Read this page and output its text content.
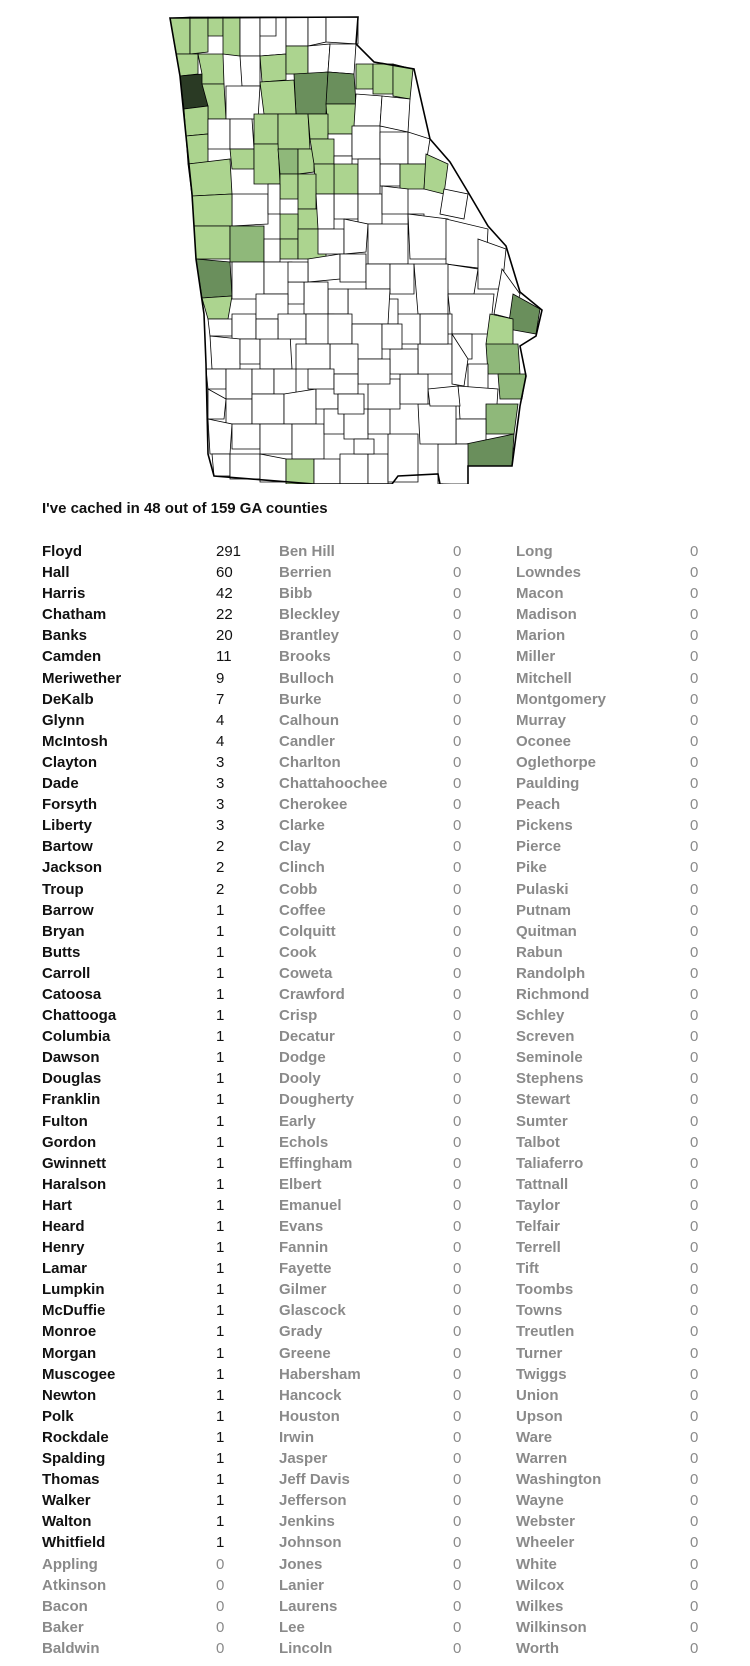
I've cached in 48 out of 159 GA counties
Floyd	291
Hall	60
Harris	42
Chatham	22
Banks	20
Camden	11
Meriwether	9
DeKalb	7
Glynn	4
McIntosh	4
Clayton	3
Dade	3
Forsyth	3
Liberty	3
Bartow	2
Jackson	2
Troup	2
Barrow	1
Bryan	1
Butts	1
Carroll	1
Catoosa	1
Chattooga	1
Columbia	1
Dawson	1
Douglas	1
Franklin	1
Fulton	1
Gordon	1
Gwinnett	1
Haralson	1
Hart	1
Heard	1
Henry	1
Lamar	1
Lumpkin	1
McDuffie	1
Monroe	1
Morgan	1
Muscogee	1
Newton	1
Polk	1
Rockdale	1
Spalding	1
Thomas	1
Walker	1
Walton	1
Whitfield	1
Appling	0
Atkinson	0
Bacon	0
Baker	0
Baldwin	0
Ben Hill	0
Berrien	0
Bibb	0
Bleckley	0
Brantley	0
Brooks	0
Bulloch	0
Burke	0
Calhoun	0
Candler	0
Charlton	0
Chattahoochee	0
Cherokee	0
Clarke	0
Clay	0
Clinch	0
Cobb	0
Coffee	0
Colquitt	0
Cook	0
Coweta	0
Crawford	0
Crisp	0
Decatur	0
Dodge	0
Dooly	0
Dougherty	0
Early	0
Echols	0
Effingham	0
Elbert	0
Emanuel	0
Evans	0
Fannin	0
Fayette	0
Gilmer	0
Glascock	0
Grady	0
Greene	0
Habersham	0
Hancock	0
Houston	0
Irwin	0
Jasper	0
Jeff Davis	0
Jefferson	0
Jenkins	0
Johnson	0
Jones	0
Lanier	0
Laurens	0
Lee	0
Lincoln	0
Long	0
Lowndes	0
Macon	0
Madison	0
Marion	0
Miller	0
Mitchell	0
Montgomery	0
Murray	0
Oconee	0
Oglethorpe	0
Paulding	0
Peach	0
Pickens	0
Pierce	0
Pike	0
Pulaski	0
Putnam	0
Quitman	0
Rabun	0
Randolph	0
Richmond	0
Schley	0
Screven	0
Seminole	0
Stephens	0
Stewart	0
Sumter	0
Talbot	0
Taliaferro	0
Tattnall	0
Taylor	0
Telfair	0
Terrell	0
Tift	0
Toombs	0
Towns	0
Treutlen	0
Turner	0
Twiggs	0
Union	0
Upson	0
Ware	0
Warren	0
Washington	0
Wayne	0
Webster	0
Wheeler	0
White	0
Wilcox	0
Wilkes	0
Wilkinson	0
Worth	0
